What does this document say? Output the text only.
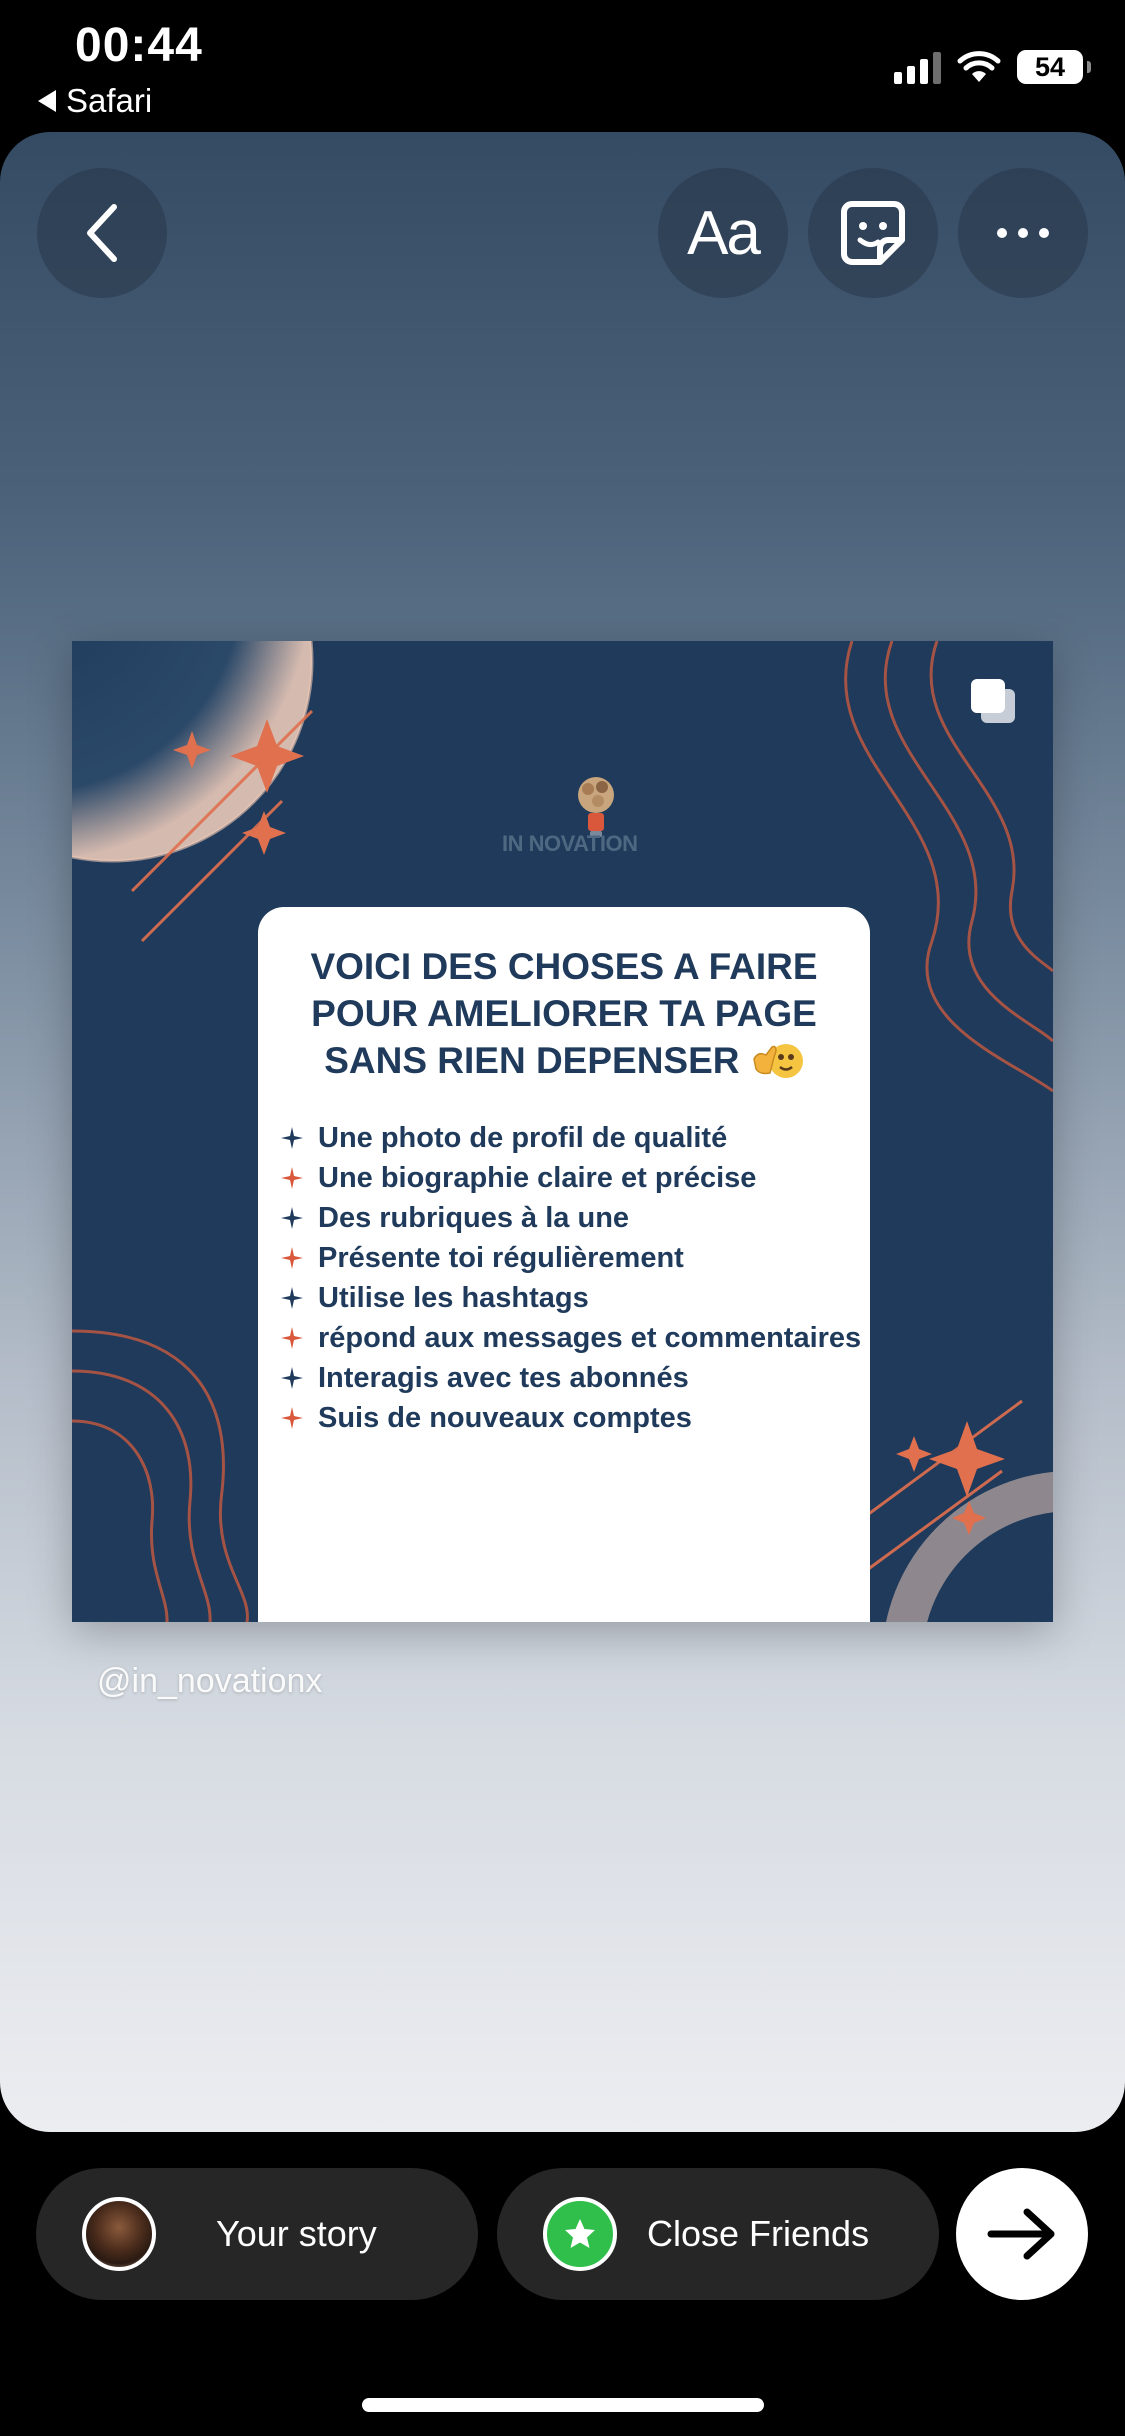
00:44
Safari
54
Aa
IN NOVATION
VOICI DES CHOSES A FAIRE POUR AMELIORER TA PAGE SANS RIEN DEPENSER
Une photo de profil de qualité
Une biographie claire et précise
Des rubriques à la une
Présente toi régulièrement
Utilise les hashtags
répond aux messages et commentaires
Interagis avec tes abonnés
Suis de nouveaux comptes
@in_novationx
Your story	Close Friends
